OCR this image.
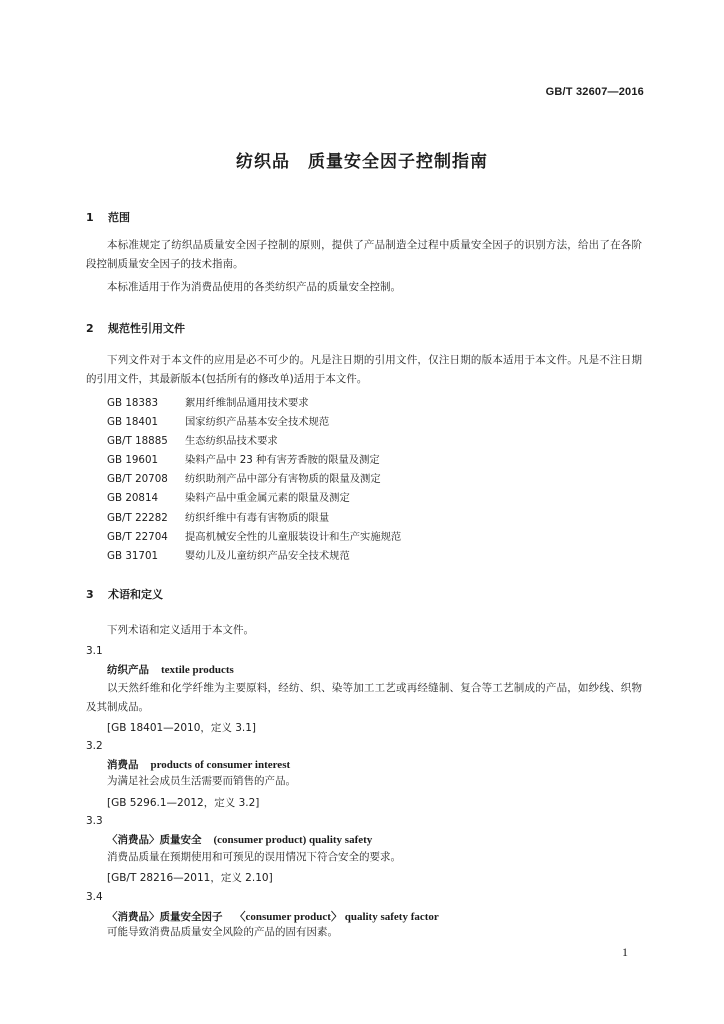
GB/T 32607—2016
纺织品　质量安全因子控制指南
1 范围

本标准规定了纺织品质量安全因子控制的原则，提供了产品制造全过程中质量安全因子的识别方法，给出了在各阶段控制质量安全因子的技术指南。

本标准适用于作为消费品使用的各类纺织产品的质量安全控制。

2 规范性引用文件

下列文件对于本文件的应用是必不可少的。凡是注日期的引用文件，仅注日期的版本适用于本文件。凡是不注日期的引用文件，其最新版本(包括所有的修改单)适用于本文件。

GB 18383	絮用纤维制品通用技术要求
GB 18401	国家纺织产品基本安全技术规范
GB/T 18885 生态纺织品技术要求
GB 19601	染料产品中 23 种有害芳香胺的限量及测定
GB/T 20708 纺织助剂产品中部分有害物质的限量及测定
GB 20814	染料产品中重金属元素的限量及测定
GB/T 22282 纺织纤维中有毒有害物质的限量
GB/T 22704 提高机械安全性的儿童服装设计和生产实施规范
GB 31701	婴幼儿及儿童纺织产品安全技术规范
3 术语和定义
下列术语和定义适用于本文件。
3.1
纺织产品 textile products

以天然纤维和化学纤维为主要原料，经纺、织、染等加工工艺或再经缝制、复合等工艺制成的产品，如纱线、织物及其制成品。

[GB 18401—2010，定义 3.1]
3.2
消费品 products of consumer interest
为满足社会成员生活需要而销售的产品。
[GB 5296.1—2012，定义 3.2]
3.3
〈消费品〉质量安全 (consumer product) quality safety
消费品质量在预期使用和可预见的误用情况下符合安全的要求。
[GB/T 28216—2011，定义 2.10]
3.4
〈消费品〉质量安全因子 〈consumer product〉 quality safety factor
可能导致消费品质量安全风险的产品的固有因素。
1
